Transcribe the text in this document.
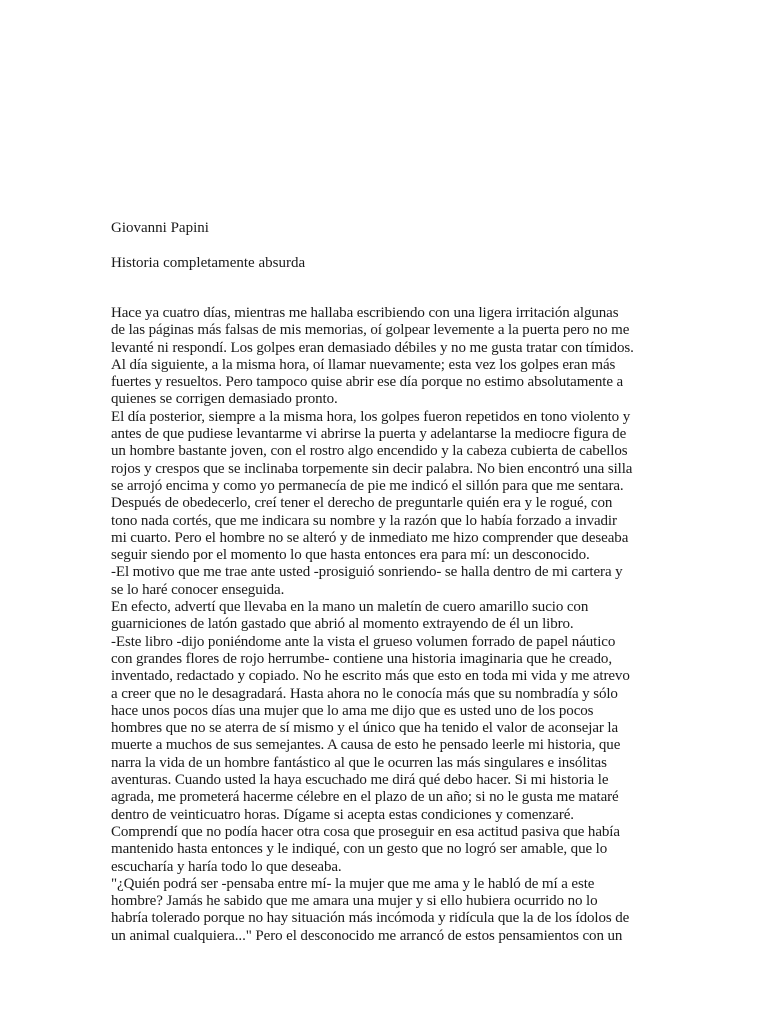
Giovanni Papini
Historia completamente absurda
Hace ya cuatro días, mientras me hallaba escribiendo con una ligera irritación algunas
de las páginas más falsas de mis memorias, oí golpear levemente a la puerta pero no me
levanté ni respondí. Los golpes eran demasiado débiles y no me gusta tratar con tímidos.
Al día siguiente, a la misma hora, oí llamar nuevamente; esta vez los golpes eran más
fuertes y resueltos. Pero tampoco quise abrir ese día porque no estimo absolutamente a
quienes se corrigen demasiado pronto.
El día posterior, siempre a la misma hora, los golpes fueron repetidos en tono violento y
antes de que pudiese levantarme vi abrirse la puerta y adelantarse la mediocre figura de
un hombre bastante joven, con el rostro algo encendido y la cabeza cubierta de cabellos
rojos y crespos que se inclinaba torpemente sin decir palabra. No bien encontró una silla
se arrojó encima y como yo permanecía de pie me indicó el sillón para que me sentara.
Después de obedecerlo, creí tener el derecho de preguntarle quién era y le rogué, con
tono nada cortés, que me indicara su nombre y la razón que lo había forzado a invadir
mi cuarto. Pero el hombre no se alteró y de inmediato me hizo comprender que deseaba
seguir siendo por el momento lo que hasta entonces era para mí: un desconocido.
-El motivo que me trae ante usted -prosiguió sonriendo- se halla dentro de mi cartera y
se lo haré conocer enseguida.
En efecto, advertí que llevaba en la mano un maletín de cuero amarillo sucio con
guarniciones de latón gastado que abrió al momento extrayendo de él un libro.
-Este libro -dijo poniéndome ante la vista el grueso volumen forrado de papel náutico
con grandes flores de rojo herrumbe- contiene una historia imaginaria que he creado,
inventado, redactado y copiado. No he escrito más que esto en toda mi vida y me atrevo
a creer que no le desagradará. Hasta ahora no le conocía más que su nombradía y sólo
hace unos pocos días una mujer que lo ama me dijo que es usted uno de los pocos
hombres que no se aterra de sí mismo y el único que ha tenido el valor de aconsejar la
muerte a muchos de sus semejantes. A causa de esto he pensado leerle mi historia, que
narra la vida de un hombre fantástico al que le ocurren las más singulares e insólitas
aventuras. Cuando usted la haya escuchado me dirá qué debo hacer. Si mi historia le
agrada, me prometerá hacerme célebre en el plazo de un año; si no le gusta me mataré
dentro de veinticuatro horas. Dígame si acepta estas condiciones y comenzaré.
Comprendí que no podía hacer otra cosa que proseguir en esa actitud pasiva que había
mantenido hasta entonces y le indiqué, con un gesto que no logró ser amable, que lo
escucharía y haría todo lo que deseaba.
"¿Quién podrá ser -pensaba entre mí- la mujer que me ama y le habló de mí a este
hombre? Jamás he sabido que me amara una mujer y si ello hubiera ocurrido no lo
habría tolerado porque no hay situación más incómoda y ridícula que la de los ídolos de
un animal cualquiera..." Pero el desconocido me arrancó de estos pensamientos con un
